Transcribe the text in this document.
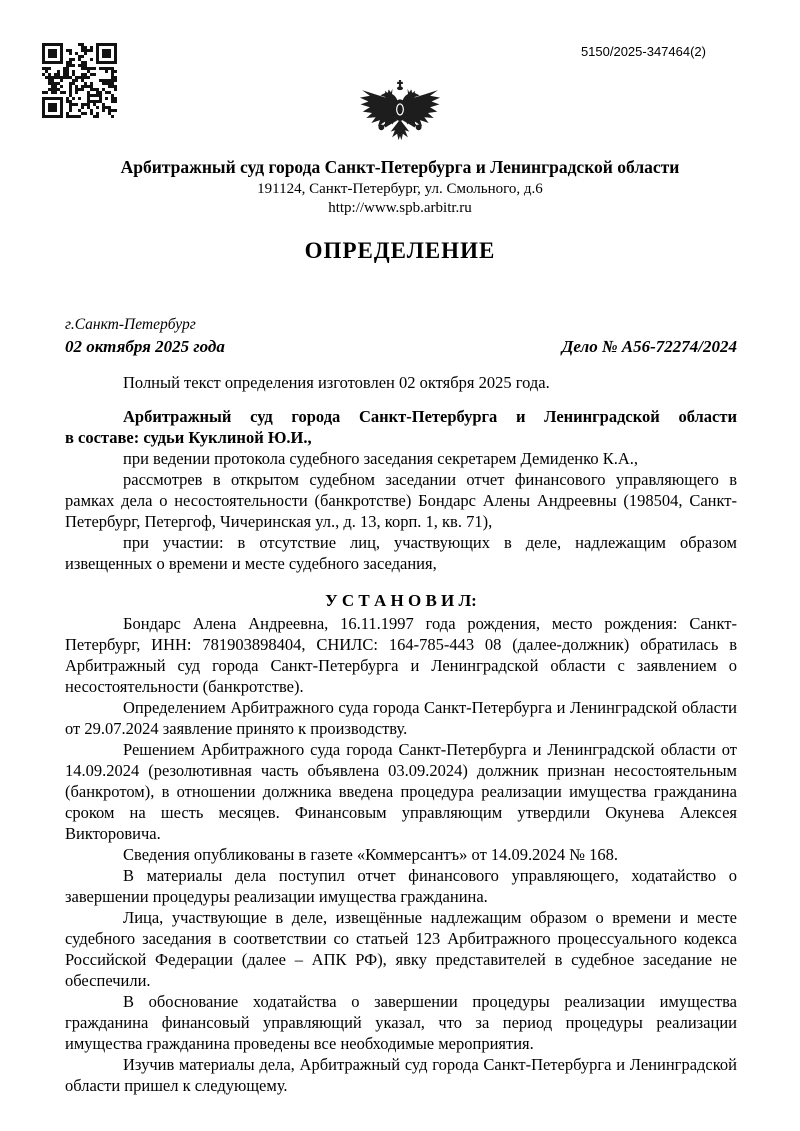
5150/2025-347464(2)
Арбитражный суд города Санкт-Петербурга и Ленинградской области
191124, Санкт-Петербург, ул. Смольного, д.6
http://www.spb.arbitr.ru
ОПРЕДЕЛЕНИЕ
г.Санкт-Петербург
02 октября 2025 года	Дело № А56-72274/2024
Полный текст определения изготовлен 02 октября 2025 года.
Арбитражный суд города Санкт-Петербурга и Ленинградской области
в составе: судьи Куклиной Ю.И.,
при ведении протокола судебного заседания секретарем Демиденко К.А.,
рассмотрев в открытом судебном заседании отчет финансового управляющего в рамках дела о несостоятельности (банкротстве) Бондарс Алены Андреевны (198504, Санкт-Петербург, Петергоф, Чичеринская ул., д. 13, корп. 1, кв. 71),
при участии: в отсутствие лиц, участвующих в деле, надлежащим образом извещенных о времени и месте судебного заседания,
У С Т А Н О В И Л:
Бондарс Алена Андреевна, 16.11.1997 года рождения, место рождения: Санкт-Петербург, ИНН: 781903898404, СНИЛС: 164-785-443 08 (далее-должник) обратилась в Арбитражный суд города Санкт-Петербурга и Ленинградской области с заявлением о несостоятельности (банкротстве).
Определением Арбитражного суда города Санкт-Петербурга и Ленинградской области от 29.07.2024 заявление принято к производству.
Решением Арбитражного суда города Санкт-Петербурга и Ленинградской области от 14.09.2024 (резолютивная часть объявлена 03.09.2024) должник признан несостоятельным (банкротом), в отношении должника введена процедура реализации имущества гражданина сроком на шесть месяцев. Финансовым управляющим утвердили Окунева Алексея Викторовича.
Сведения опубликованы в газете «Коммерсантъ» от 14.09.2024 № 168.
В материалы дела поступил отчет финансового управляющего, ходатайство о завершении процедуры реализации имущества гражданина.
Лица, участвующие в деле, извещённые надлежащим образом о времени и месте судебного заседания в соответствии со статьей 123 Арбитражного процессуального кодекса Российской Федерации (далее – АПК РФ), явку представителей в судебное заседание не обеспечили.
В обоснование ходатайства о завершении процедуры реализации имущества гражданина финансовый управляющий указал, что за период процедуры реализации имущества гражданина проведены все необходимые мероприятия.
Изучив материалы дела, Арбитражный суд города Санкт-Петербурга и Ленинградской области пришел к следующему.
